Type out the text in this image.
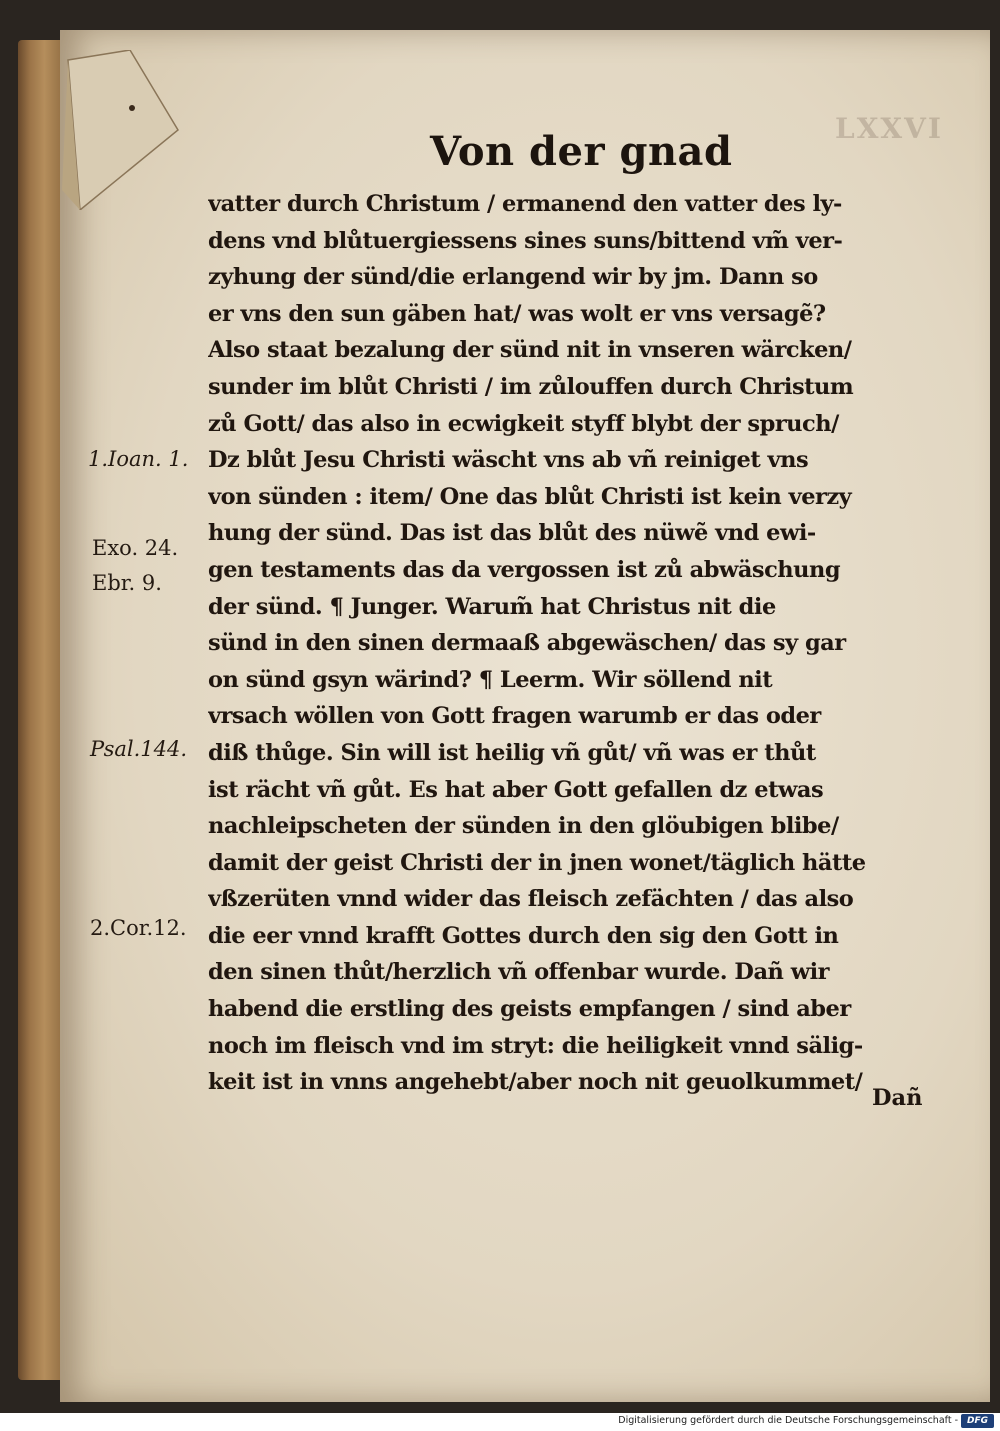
LXXVI
Von der gnad
vatter durch Christum / ermanend den vatter des ly-
dens vnd blůtuergiessens sines suns/bittend vm̃ ver-
zyhung der sünd/die erlangend wir by jm. Dann so
er vns den sun gäben hat/ was wolt er vns versagẽ?
Also staat bezalung der sünd nit in vnseren wärcken/
sunder im blůt Christi / im zůlouffen durch Christum
zů Gott/ das also in ecwigkeit styff blybt der spruch/
Dz blůt Jesu Christi wäscht vns ab vñ reiniget vns
von sünden : item/ One das blůt Christi ist kein verzy
hung der sünd. Das ist das blůt des nüwẽ vnd ewi-
gen testaments das da vergossen ist zů abwäschung
der sünd. ¶ Junger. Warum̃ hat Christus nit die
sünd in den sinen dermaaß abgewäschen/ das sy gar
on sünd gsyn wärind? ¶ Leerm. Wir söllend nit
vrsach wöllen von Gott fragen warumb er das oder
diß thůge. Sin will ist heilig vñ gůt/ vñ was er thůt
ist rächt vñ gůt. Es hat aber Gott gefallen dz etwas
nachleipscheten der sünden in den glöubigen blibe/
damit der geist Christi der in jnen wonet/täglich hätte
vßzerüten vnnd wider das fleisch zefächten / das also
die eer vnnd krafft Gottes durch den sig den Gott in
den sinen thůt/herzlich vñ offenbar wurde. Dañ wir
habend die erstling des geists empfangen / sind aber
noch im fleisch vnd im stryt: die heiligkeit vnnd sälig-
keit ist in vnns angehebt/aber noch nit geuolkummet/
Dañ
1.Ioan. 1.
Exo. 24.
Ebr. 9.
Psal.144.
2.Cor.12.
Digitalisierung gefördert durch die Deutsche Forschungsgemeinschaft - DFG
